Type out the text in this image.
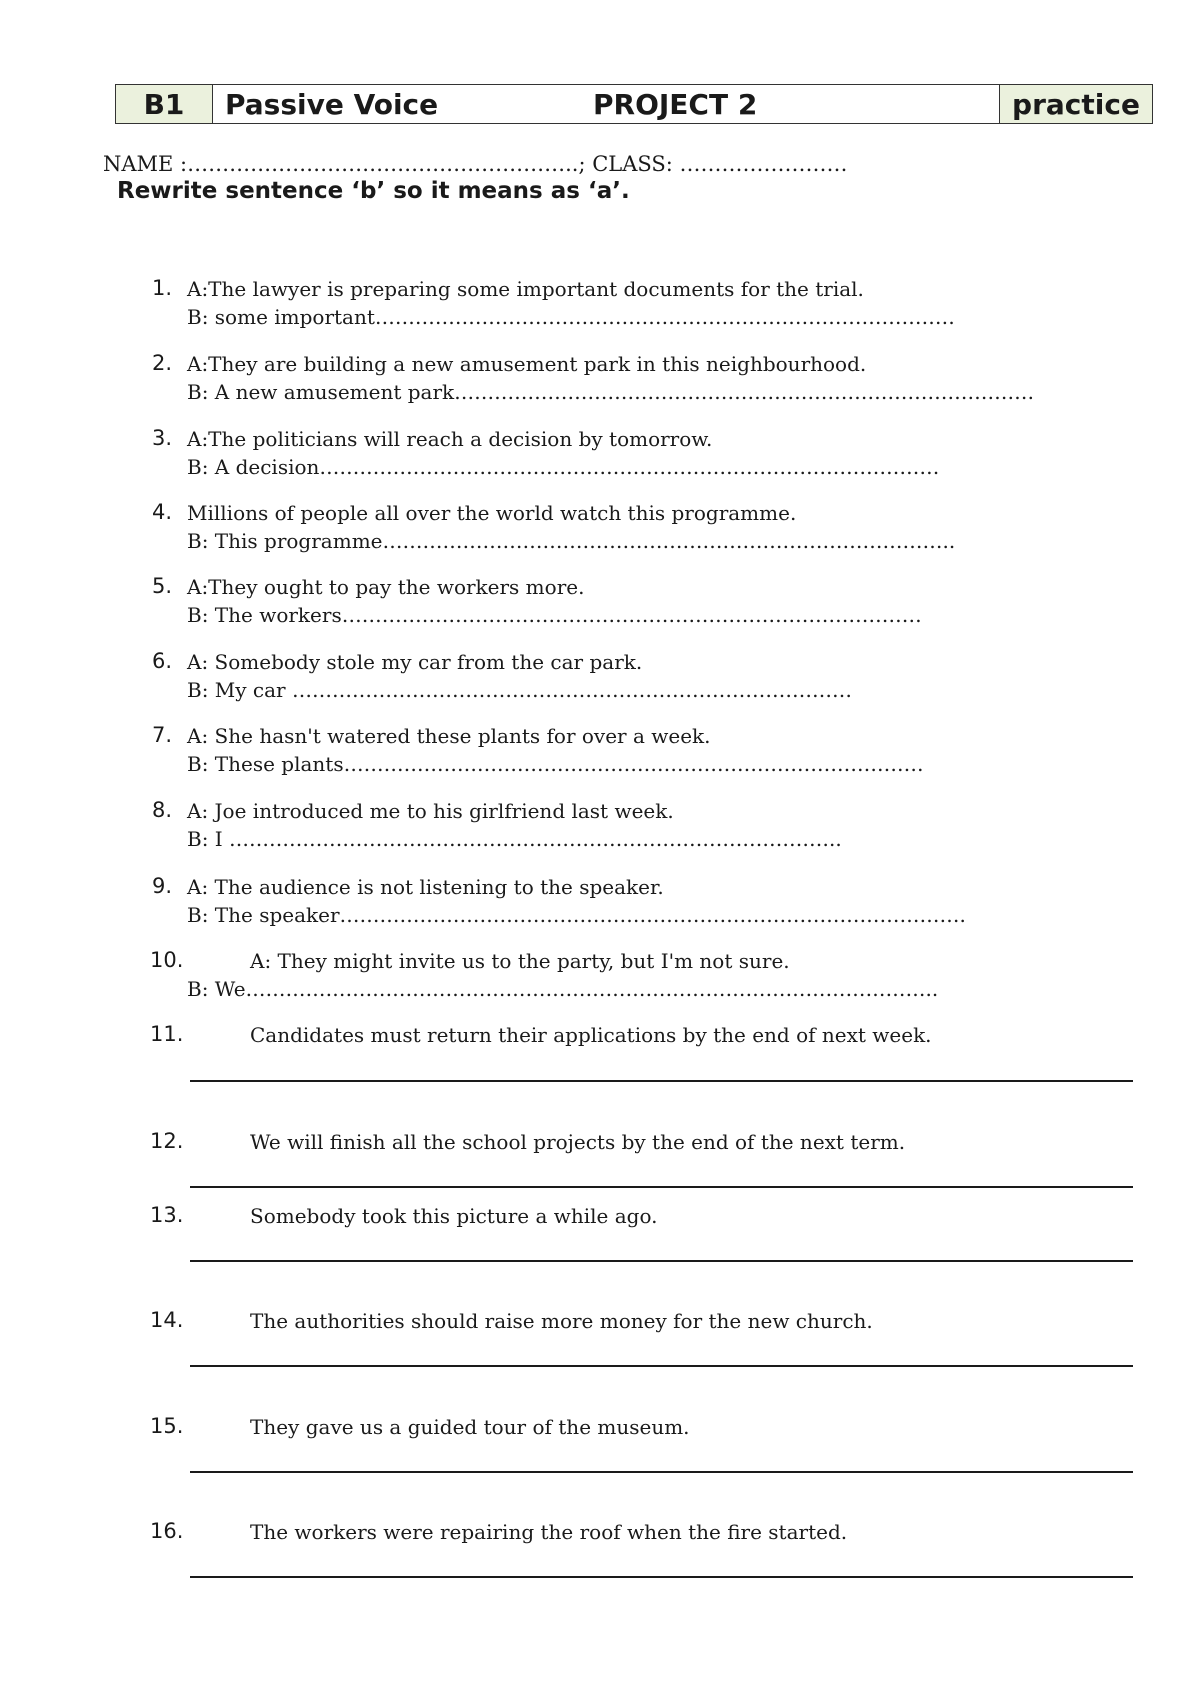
B1	Passive Voice	PROJECT 2	practice
NAME :………………………………………………..; CLASS: ……………………
Rewrite sentence ‘b’ so it means as ‘a’.
1. A:The lawyer is preparing some important documents for the trial.
B: some important……………………………………………………………………………
2. A:They are building a new amusement park in this neighbourhood.
B: A new amusement park……………………………………………………………………………
3. A:The politicians will reach a decision by tomorrow.
B: A decision…………………………………………………………………………………
4. Millions of people all over the world watch this programme.
B: This programme…………………………………………………………………………..
5. A:They ought to pay the workers more.
B: The workers……………………………………………………………………………
6. A: Somebody stole my car from the car park.
B: My car …………………………………………………………………………
7. A: She hasn't watered these plants for over a week.
B: These plants……………………………………………………………………………
8. A: Joe introduced me to his girlfriend last week.
B: I ………………………………………………………………………………..
9. A: The audience is not listening to the speaker.
B: The speaker………………………………………………………………………………….
10.	A: They might invite us to the party, but I'm not sure.
B: We…………………………………………………………………………………………..
11.	Candidates must return their applications by the end of next week.
12.	We will finish all the school projects by the end of the next term.
13.	Somebody took this picture a while ago.
14.	The authorities should raise more money for the new church.
15.	They gave us a guided tour of the museum.
16.	The workers were repairing the roof when the fire started.
